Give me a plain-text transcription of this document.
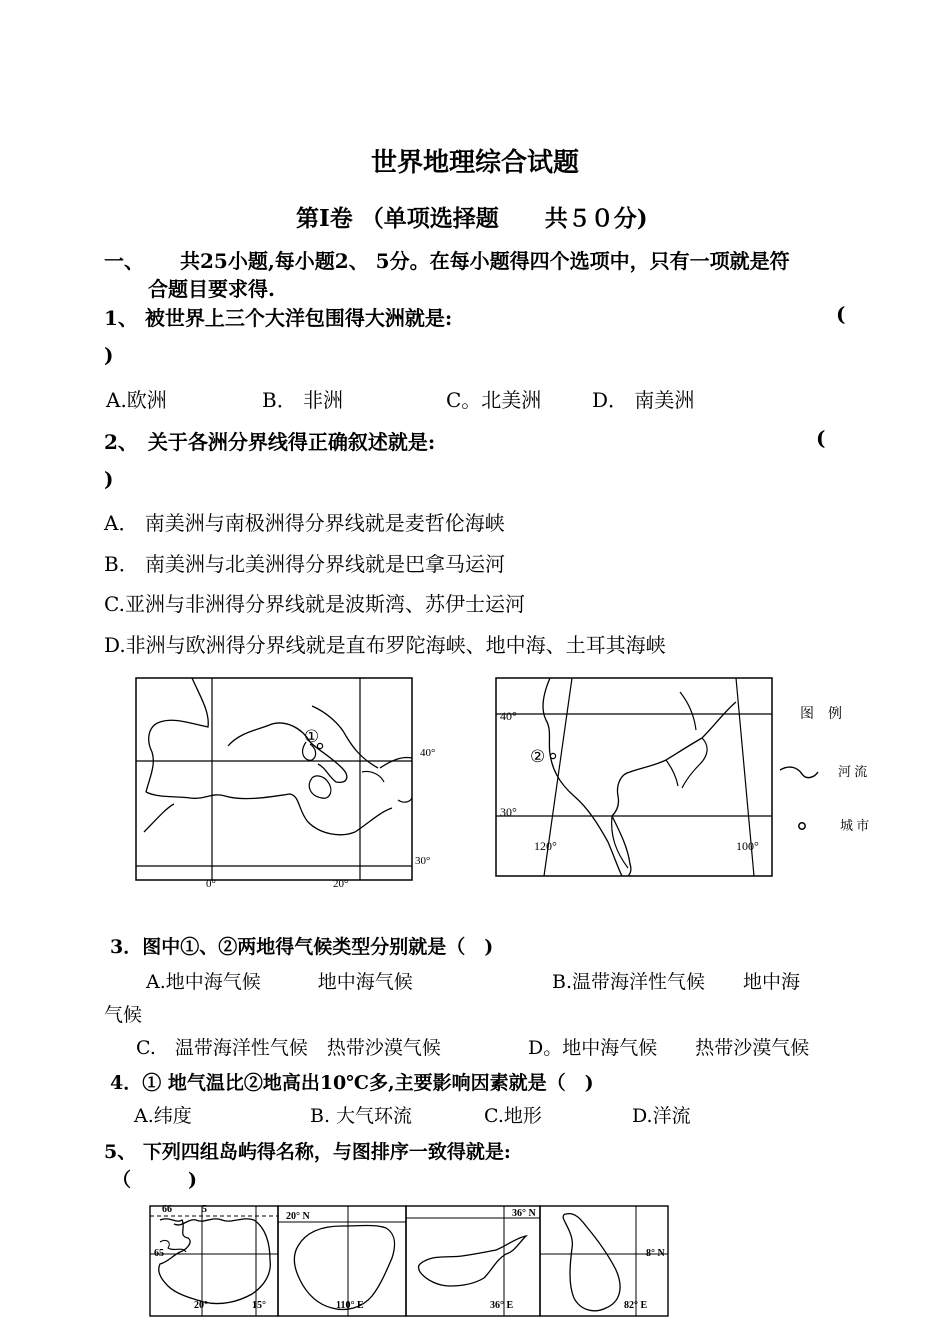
世界地理综合试题
第Ⅰ卷 （单项选择题　　共５０分)
一、 共25小题,每小题2、 5分。在每小题得四个选项中，只有一项就是符
合题目要求得.
1、 被世界上三个大洋包围得大洲就是:	(
)
A.欧洲	B． 非洲	C。北美洲	D． 南美洲
2、　关于各洲分界线得正确叙述就是:	(
)
A． 南美洲与南极洲得分界线就是麦哲伦海峡
B． 南美洲与北美洲得分界线就是巴拿马运河
C.亚洲与非洲得分界线就是波斯湾、苏伊士运河
D.非洲与欧洲得分界线就是直布罗陀海峡、地中海、土耳其海峡
①
40°
30°
0°	20°
②
40°
30°
120°	100°
图　例
河 流
城 市
3．图中①、②两地得气候类型分别就是（　)
A.地中海气候　　　地中海气候	B.温带海洋性气候　　地中海
气候
C.　温带海洋性气候　热带沙漠气候	D。地中海气候　　热带沙漠气候
4．① 地气温比②地高出10℃多,主要影响因素就是（　)
A.纬度	B. 大气环流	C.地形	D.洋流
5、 下列四组岛屿得名称，与图排序一致得就是:
（　　　)
66	5
65
20°	15°
20° N
110° E
36° N
36° E
8° N
82° E
